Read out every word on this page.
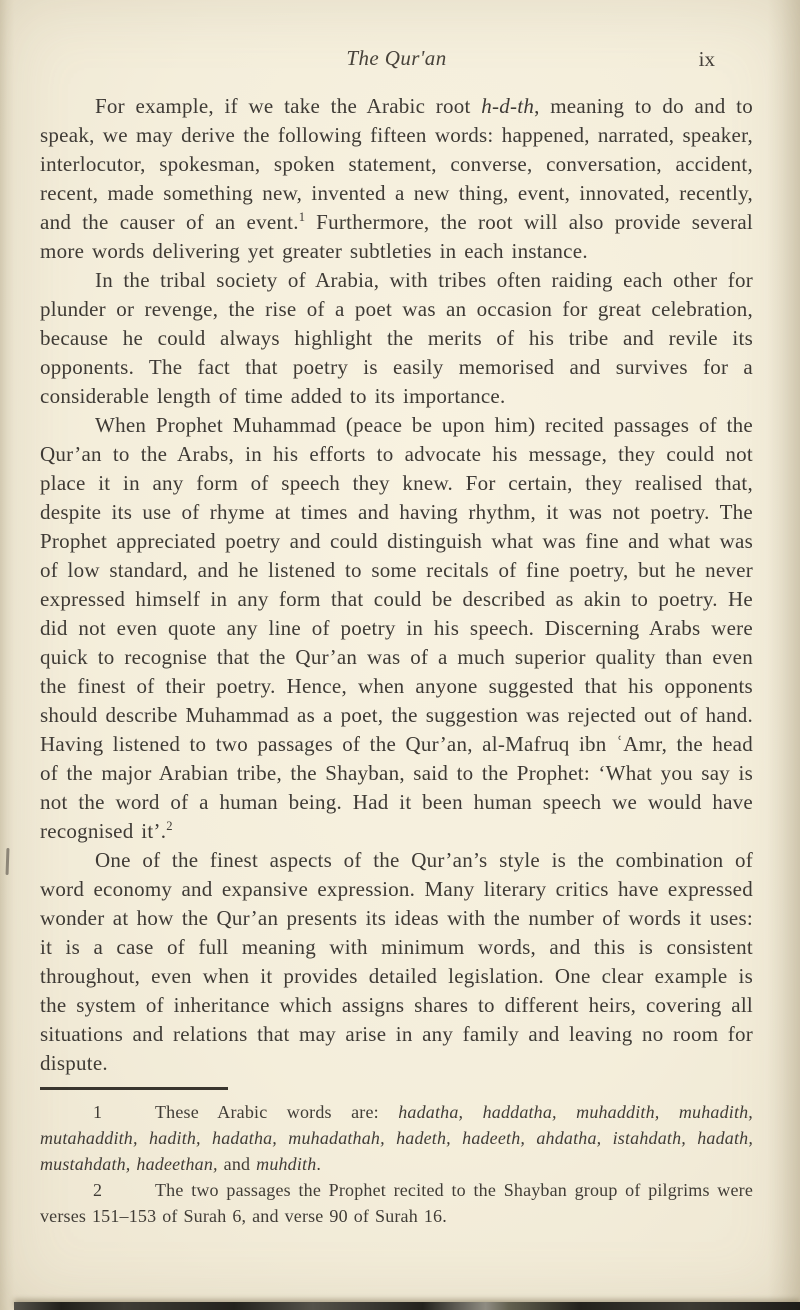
The Qur'an	ix

For example, if we take the Arabic root h-d-th, meaning to do and to speak, we may derive the following fifteen words: happened, narrated, speaker, interlocutor, spokesman, spoken statement, converse, conversation, accident, recent, made something new, invented a new thing, event, innovated, recently, and the causer of an event.$^1$ Furthermore, the root will also provide several more words delivering yet greater subtleties in each instance.

In the tribal society of Arabia, with tribes often raiding each other for plunder or revenge, the rise of a poet was an occasion for great celebration, because he could always highlight the merits of his tribe and revile its opponents. The fact that poetry is easily memorised and survives for a considerable length of time added to its importance.

When Prophet Muhammad (peace be upon him) recited passages of the Qur’an to the Arabs, in his efforts to advocate his message, they could not place it in any form of speech they knew. For certain, they realised that, despite its use of rhyme at times and having rhythm, it was not poetry. The Prophet appreciated poetry and could distinguish what was fine and what was of low standard, and he listened to some recitals of fine poetry, but he never expressed himself in any form that could be described as akin to poetry. He did not even quote any line of poetry in his speech. Discerning Arabs were quick to recognise that the Qur’an was of a much superior quality than even the finest of their poetry. Hence, when anyone suggested that his opponents should describe Muhammad as a poet, the suggestion was rejected out of hand. Having listened to two passages of the Qur’an, al-Mafruq ibn ʿAmr, the head of the major Arabian tribe, the Shayban, said to the Prophet: ‘What you say is not the word of a human being. Had it been human speech we would have recognised it’.$^2$

One of the finest aspects of the Qur’an’s style is the combination of word economy and expansive expression. Many literary critics have expressed wonder at how the Qur’an presents its ideas with the number of words it uses: it is a case of full meaning with minimum words, and this is consistent throughout, even when it provides detailed legislation. One clear example is the system of inheritance which assigns shares to different heirs, covering all situations and relations that may arise in any family and leaving no room for dispute.

1	These Arabic words are: hadatha, haddatha, muhaddith, muhadith, mutahaddith, hadith, hadatha, muhadathah, hadeth, hadeeth, ahdatha, istahdath, hadath, mustahdath, hadeethan, and muhdith.

2	The two passages the Prophet recited to the Shayban group of pilgrims were verses 151–153 of Surah 6, and verse 90 of Surah 16.
